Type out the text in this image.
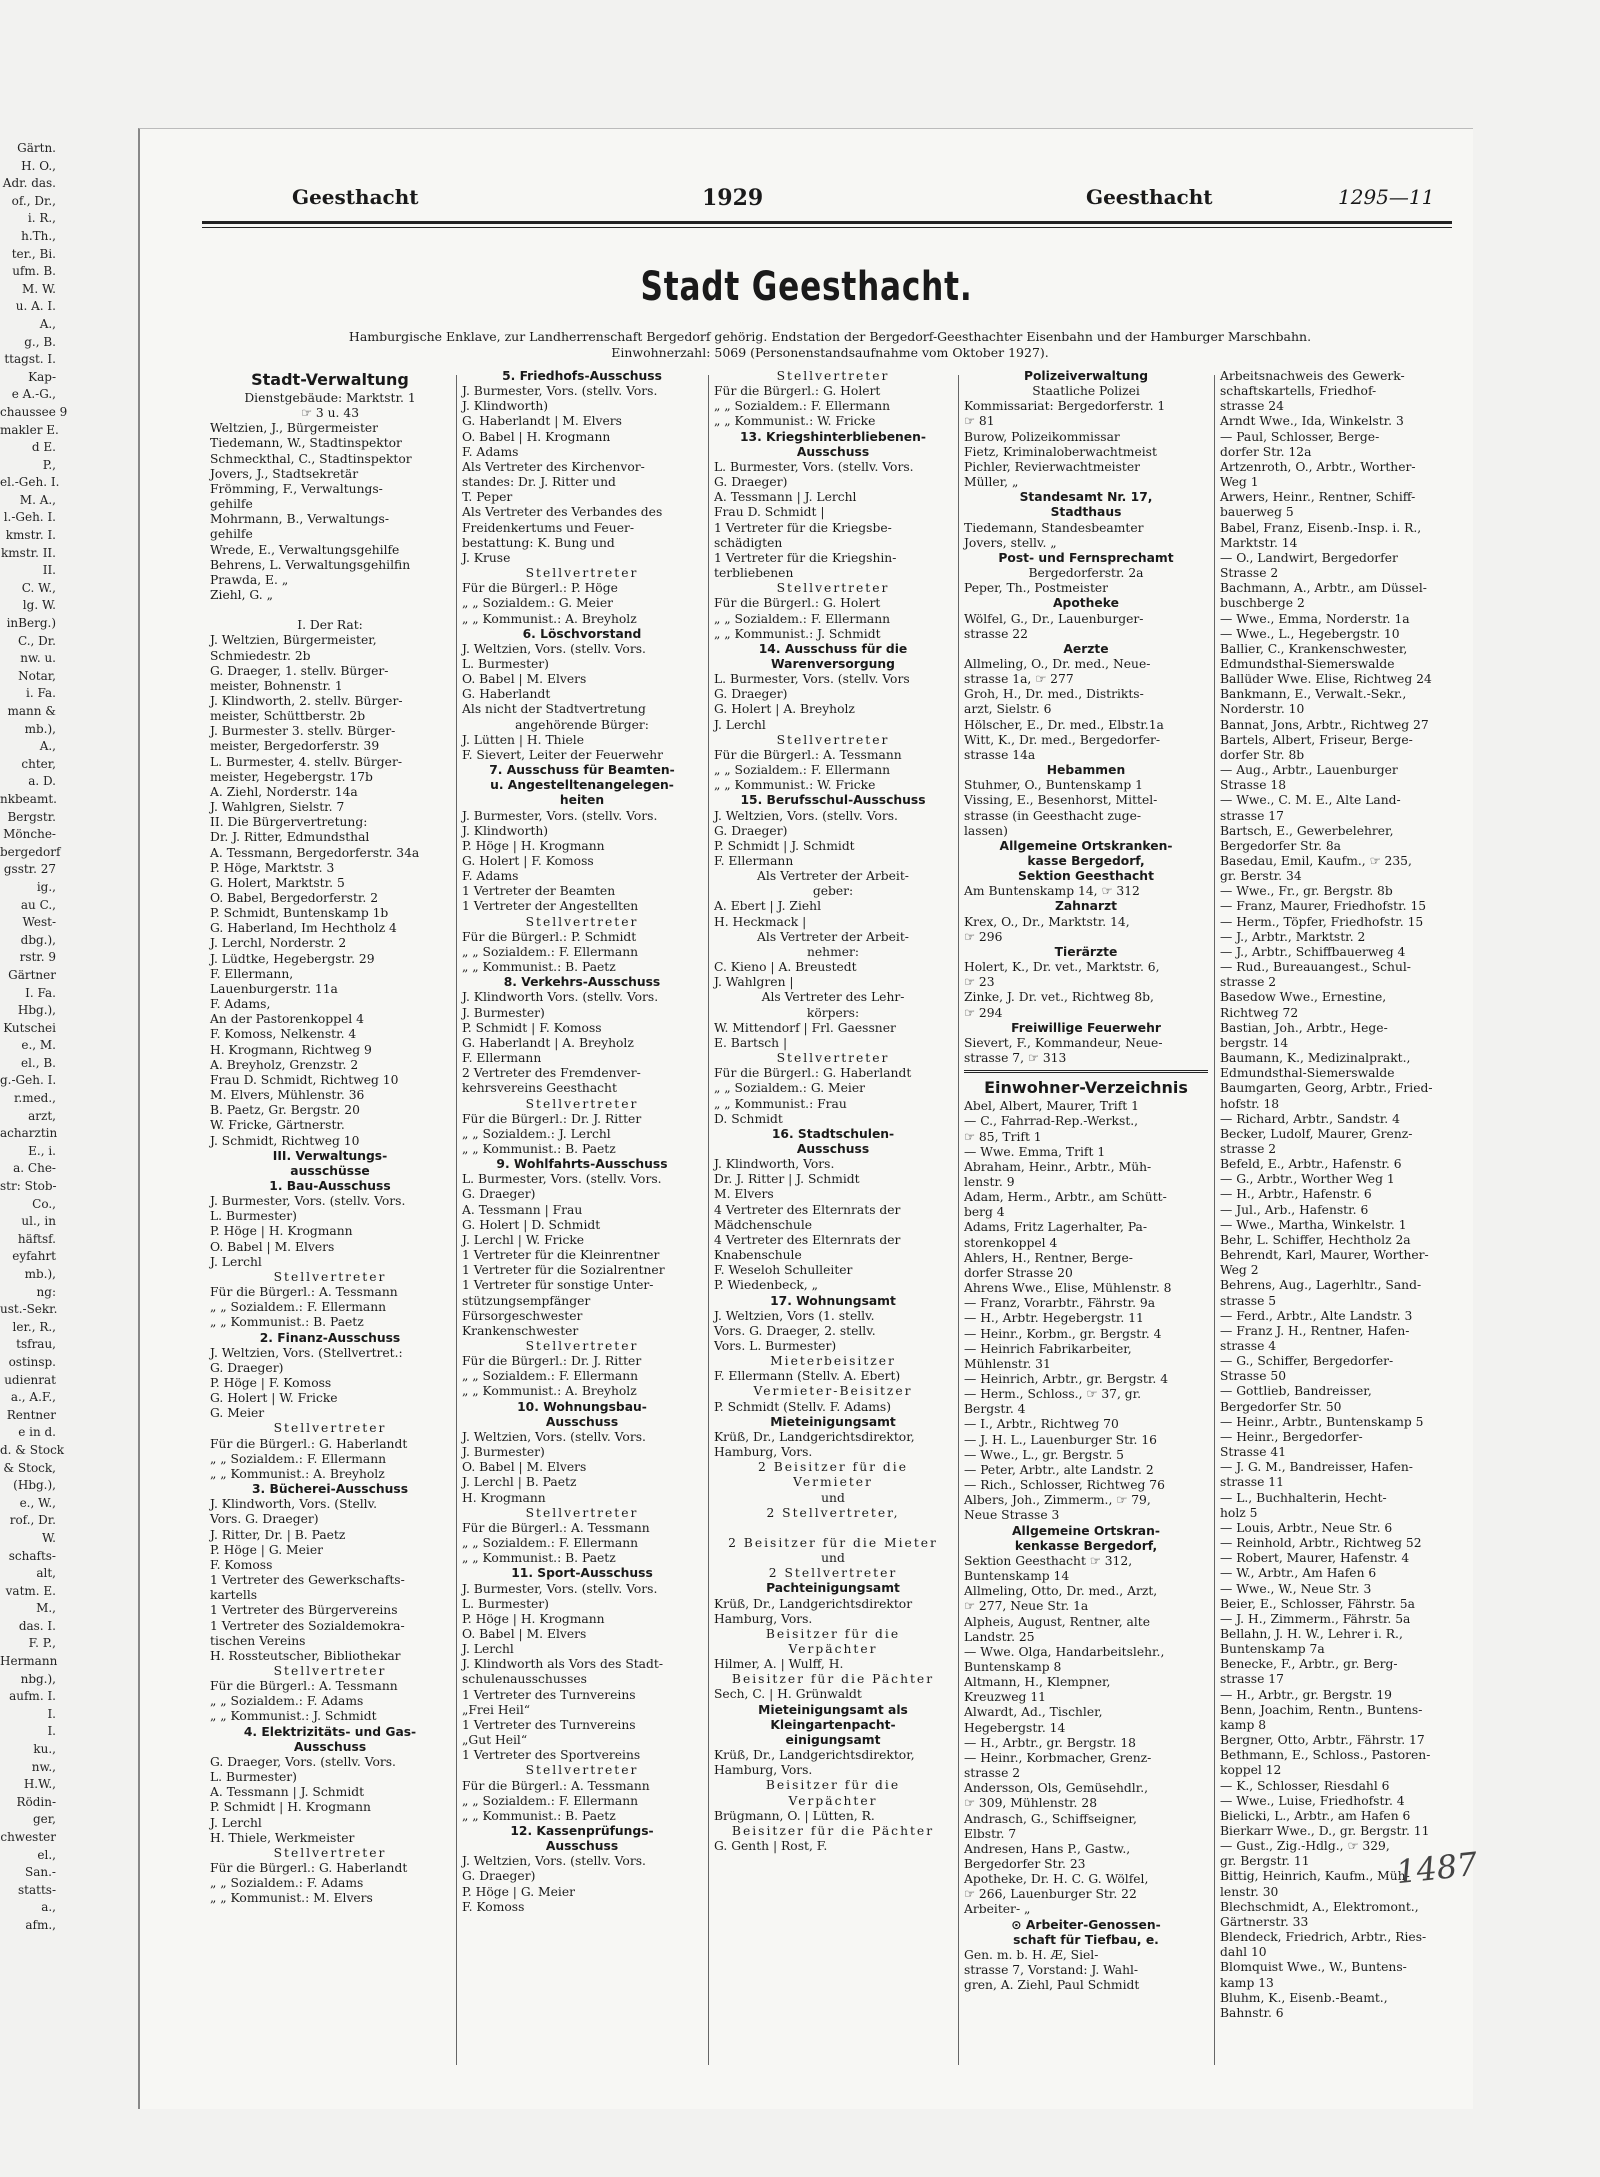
Gärtn.
H. O.,
Adr. das.
of., Dr.,
i. R.,
h.Th.,
ter., Bi.
ufm. B.
M. W.
u. A. I.
A.,
g., B.
ttagst. I.
Kap-
e A.-G.,
chaussee 9
makler E.
d E.
P.,
el.-Geh. I.
M. A.,
l.-Geh. I.
kmstr. I.
kmstr. II.
II.
C. W.,
lg. W.
inBerg.)
C., Dr.
nw. u.
Notar,
i. Fa.
mann &
mb.),
A.,
chter,
a. D.
nkbeamt.
Bergstr.
Mönche-
bergedorf
gsstr. 27
ig.,
au C.,
West-
dbg.),
rstr. 9
Gärtner
I. Fa.
Hbg.),
Kutschei
e., M.
el., B.
g.-Geh. I.
r.med.,
arzt,
acharztin
E., i.
a. Che-
str: Stob-
Co.,
ul., in
häftsf.
eyfahrt
mb.),
ng:
ust.-Sekr.
ler., R.,
tsfrau,
ostinsp.
udienrat
a., A.F.,
Rentner
e in d.
d. & Stock
& Stock,
(Hbg.),
e., W.,
rof., Dr.
W.
schafts-
alt,
vatm. E.
M.,
das. I.
F. P.,
Hermann
nbg.),
aufm. I.
I.
I.
ku.,
nw.,
H.W.,
Rödin-
ger,
chwester
el.,
San.-
statts-
a.,
afm.,
Geesthacht	1929	Geesthacht	1295—11
Stadt Geesthacht.
Hamburgische Enklave, zur Landherrenschaft Bergedorf gehörig. Endstation der Bergedorf-Geesthachter Eisenbahn und der Hamburger Marschbahn.
Einwohnerzahl: 5069 (Personenstandsaufnahme vom Oktober 1927).
Stadt-Verwaltung
Dienstgebäude: Marktstr. 1
☞ 3 u. 43
Weltzien, J., Bürgermeister
Tiedemann, W., Stadtinspektor
Schmeckthal, C., Stadtinspektor
Jovers, J., Stadtsekretär
Frömming, F., Verwaltungs-
gehilfe
Mohrmann, B., Verwaltungs-
gehilfe
Wrede, E., Verwaltungsgehilfe
Behrens, L. Verwaltungsgehilfin
Prawda, E. „
Ziehl, G. „
I. Der Rat:
J. Weltzien, Bürgermeister,
Schmiedestr. 2b
G. Draeger, 1. stellv. Bürger-
meister, Bohnenstr. 1
J. Klindworth, 2. stellv. Bürger-
meister, Schüttberstr. 2b
J. Burmester 3. stellv. Bürger-
meister, Bergedorferstr. 39
L. Burmester, 4. stellv. Bürger-
meister, Hegebergstr. 17b
A. Ziehl, Norderstr. 14a
J. Wahlgren, Sielstr. 7
II. Die Bürgervertretung:
Dr. J. Ritter, Edmundsthal
A. Tessmann, Bergedorferstr. 34a
P. Höge, Marktstr. 3
G. Holert, Marktstr. 5
O. Babel, Bergedorferstr. 2
P. Schmidt, Buntenskamp 1b
G. Haberland, Im Hechtholz 4
J. Lerchl, Norderstr. 2
J. Lüdtke, Hegebergstr. 29
F. Ellermann,
Lauenburgerstr. 11a
F. Adams,
An der Pastorenkoppel 4
F. Komoss, Nelkenstr. 4
H. Krogmann, Richtweg 9
A. Breyholz, Grenzstr. 2
Frau D. Schmidt, Richtweg 10
M. Elvers, Mühlenstr. 36
B. Paetz, Gr. Bergstr. 20
W. Fricke, Gärtnerstr.
J. Schmidt, Richtweg 10
III. Verwaltungs-
ausschüsse
1. Bau-Ausschuss
J. Burmester, Vors. (stellv. Vors.
L. Burmester)
P. Höge | H. Krogmann
O. Babel | M. Elvers
J. Lerchl
Stellvertreter
Für die Bürgerl.: A. Tessmann
„ „ Sozialdem.: F. Ellermann
„ „ Kommunist.: B. Paetz
2. Finanz-Ausschuss
J. Weltzien, Vors. (Stellvertret.:
G. Draeger)
P. Höge | F. Komoss
G. Holert | W. Fricke
G. Meier
Stellvertreter
Für die Bürgerl.: G. Haberlandt
„ „ Sozialdem.: F. Ellermann
„ „ Kommunist.: A. Breyholz
3. Bücherei-Ausschuss
J. Klindworth, Vors. (Stellv.
Vors. G. Draeger)
J. Ritter, Dr. | B. Paetz
P. Höge | G. Meier
F. Komoss
1 Vertreter des Gewerkschafts-
kartells
1 Vertreter des Bürgervereins
1 Vertreter des Sozialdemokra-
tischen Vereins
H. Rossteutscher, Bibliothekar
Stellvertreter
Für die Bürgerl.: A. Tessmann
„ „ Sozialdem.: F. Adams
„ „ Kommunist.: J. Schmidt
4. Elektrizitäts- und Gas-
Ausschuss
G. Draeger, Vors. (stellv. Vors.
L. Burmester)
A. Tessmann | J. Schmidt
P. Schmidt | H. Krogmann
J. Lerchl
H. Thiele, Werkmeister
Stellvertreter
Für die Bürgerl.: G. Haberlandt
„ „ Sozialdem.: F. Adams
„ „ Kommunist.: M. Elvers
5. Friedhofs-Ausschuss
J. Burmester, Vors. (stellv. Vors.
J. Klindworth)
G. Haberlandt | M. Elvers
O. Babel | H. Krogmann
F. Adams
Als Vertreter des Kirchenvor-
standes: Dr. J. Ritter und
T. Peper
Als Vertreter des Verbandes des
Freidenkertums und Feuer-
bestattung: K. Bung und
J. Kruse
Stellvertreter
Für die Bürgerl.: P. Höge
„ „ Sozialdem.: G. Meier
„ „ Kommunist.: A. Breyholz
6. Löschvorstand
J. Weltzien, Vors. (stellv. Vors.
L. Burmester)
O. Babel | M. Elvers
G. Haberlandt
Als nicht der Stadtvertretung
angehörende Bürger:
J. Lütten | H. Thiele
F. Sievert, Leiter der Feuerwehr
7. Ausschuss für Beamten-
u. Angestelltenangelegen-
heiten
J. Burmester, Vors. (stellv. Vors.
J. Klindworth)
P. Höge | H. Krogmann
G. Holert | F. Komoss
F. Adams
1 Vertreter der Beamten
1 Vertreter der Angestellten
Stellvertreter
Für die Bürgerl.: P. Schmidt
„ „ Sozialdem.: F. Ellermann
„ „ Kommunist.: B. Paetz
8. Verkehrs-Ausschuss
J. Klindworth Vors. (stellv. Vors.
J. Burmester)
P. Schmidt | F. Komoss
G. Haberlandt | A. Breyholz
F. Ellermann
2 Vertreter des Fremdenver-
kehrsvereins Geesthacht
Stellvertreter
Für die Bürgerl.: Dr. J. Ritter
„ „ Sozialdem.: J. Lerchl
„ „ Kommunist.: B. Paetz
9. Wohlfahrts-Ausschuss
L. Burmester, Vors. (stellv. Vors.
G. Draeger)
A. Tessmann | Frau
G. Holert | D. Schmidt
J. Lerchl | W. Fricke
1 Vertreter für die Kleinrentner
1 Vertreter für die Sozialrentner
1 Vertreter für sonstige Unter-
stützungsempfänger
Fürsorgeschwester
Krankenschwester
Stellvertreter
Für die Bürgerl.: Dr. J. Ritter
„ „ Sozialdem.: F. Ellermann
„ „ Kommunist.: A. Breyholz
10. Wohnungsbau-
Ausschuss
J. Weltzien, Vors. (stellv. Vors.
J. Burmester)
O. Babel | M. Elvers
J. Lerchl | B. Paetz
H. Krogmann
Stellvertreter
Für die Bürgerl.: A. Tessmann
„ „ Sozialdem.: F. Ellermann
„ „ Kommunist.: B. Paetz
11. Sport-Ausschuss
J. Burmester, Vors. (stellv. Vors.
L. Burmester)
P. Höge | H. Krogmann
O. Babel | M. Elvers
J. Lerchl
J. Klindworth als Vors des Stadt-
schulenausschusses
1 Vertreter des Turnvereins
„Frei Heil“
1 Vertreter des Turnvereins
„Gut Heil“
1 Vertreter des Sportvereins
Stellvertreter
Für die Bürgerl.: A. Tessmann
„ „ Sozialdem.: F. Ellermann
„ „ Kommunist.: B. Paetz
12. Kassenprüfungs-
Ausschuss
J. Weltzien, Vors. (stellv. Vors.
G. Draeger)
P. Höge | G. Meier
F. Komoss
Stellvertreter
Für die Bürgerl.: G. Holert
„ „ Sozialdem.: F. Ellermann
„ „ Kommunist.: W. Fricke
13. Kriegshinterbliebenen-
Ausschuss
L. Burmester, Vors. (stellv. Vors.
G. Draeger)
A. Tessmann | J. Lerchl
Frau D. Schmidt |
1 Vertreter für die Kriegsbe-
schädigten
1 Vertreter für die Kriegshin-
terbliebenen
Stellvertreter
Für die Bürgerl.: G. Holert
„ „ Sozialdem.: F. Ellermann
„ „ Kommunist.: J. Schmidt
14. Ausschuss für die
Warenversorgung
L. Burmester, Vors. (stellv. Vors
G. Draeger)
G. Holert | A. Breyholz
J. Lerchl
Stellvertreter
Für die Bürgerl.: A. Tessmann
„ „ Sozialdem.: F. Ellermann
„ „ Kommunist.: W. Fricke
15. Berufsschul-Ausschuss
J. Weltzien, Vors. (stellv. Vors.
G. Draeger)
P. Schmidt | J. Schmidt
F. Ellermann
Als Vertreter der Arbeit-
geber:
A. Ebert | J. Ziehl
H. Heckmack |
Als Vertreter der Arbeit-
nehmer:
C. Kieno | A. Breustedt
J. Wahlgren |
Als Vertreter des Lehr-
körpers:
W. Mittendorf | Frl. Gaessner
E. Bartsch |
Stellvertreter
Für die Bürgerl.: G. Haberlandt
„ „ Sozialdem.: G. Meier
„ „ Kommunist.: Frau
D. Schmidt
16. Stadtschulen-
Ausschuss
J. Klindworth, Vors.
Dr. J. Ritter | J. Schmidt
M. Elvers
4 Vertreter des Elternrats der
Mädchenschule
4 Vertreter des Elternrats der
Knabenschule
F. Weseloh Schulleiter
P. Wiedenbeck, „
17. Wohnungsamt
J. Weltzien, Vors (1. stellv.
Vors. G. Draeger, 2. stellv.
Vors. L. Burmester)
Mieterbeisitzer
F. Ellermann (Stellv. A. Ebert)
Vermieter-Beisitzer
P. Schmidt (Stellv. F. Adams)
Mieteinigungsamt
Krüß, Dr., Landgerichtsdirektor,
Hamburg, Vors.
2 Beisitzer für die
Vermieter
und
2 Stellvertreter,
2 Beisitzer für die Mieter
und
2 Stellvertreter
Pachteinigungsamt
Krüß, Dr., Landgerichtsdirektor
Hamburg, Vors.
Beisitzer für die
Verpächter
Hilmer, A. | Wulff, H.
Beisitzer für die Pächter
Sech, C. | H. Grünwaldt
Mieteinigungsamt als
Kleingartenpacht-
einigungsamt
Krüß, Dr., Landgerichtsdirektor,
Hamburg, Vors.
Beisitzer für die
Verpächter
Brügmann, O. | Lütten, R.
Beisitzer für die Pächter
G. Genth | Rost, F.
Polizeiverwaltung
Staatliche Polizei
Kommissariat: Bergedorferstr. 1
☞ 81
Burow, Polizeikommissar
Fietz, Kriminaloberwachtmeist
Pichler, Revierwachtmeister
Müller, „
Standesamt Nr. 17,
Stadthaus
Tiedemann, Standesbeamter
Jovers, stellv. „
Post- und Fernsprechamt
Bergedorferstr. 2a
Peper, Th., Postmeister
Apotheke
Wölfel, G., Dr., Lauenburger-
strasse 22
Aerzte
Allmeling, O., Dr. med., Neue-
strasse 1a, ☞ 277
Groh, H., Dr. med., Distrikts-
arzt, Sielstr. 6
Hölscher, E., Dr. med., Elbstr.1a
Witt, K., Dr. med., Bergedorfer-
strasse 14a
Hebammen
Stuhmer, O., Buntenskamp 1
Vissing, E., Besenhorst, Mittel-
strasse (in Geesthacht zuge-
lassen)
Allgemeine Ortskranken-
kasse Bergedorf,
Sektion Geesthacht
Am Buntenskamp 14, ☞ 312
Zahnarzt
Krex, O., Dr., Marktstr. 14,
☞ 296
Tierärzte
Holert, K., Dr. vet., Marktstr. 6,
☞ 23
Zinke, J. Dr. vet., Richtweg 8b,
☞ 294
Freiwillige Feuerwehr
Sievert, F., Kommandeur, Neue-
strasse 7, ☞ 313
Einwohner-Verzeichnis
Abel, Albert, Maurer, Trift 1
— C., Fahrrad-Rep.-Werkst.,
☞ 85, Trift 1
— Wwe. Emma, Trift 1
Abraham, Heinr., Arbtr., Müh-
lenstr. 9
Adam, Herm., Arbtr., am Schütt-
berg 4
Adams, Fritz Lagerhalter, Pa-
storenkoppel 4
Ahlers, H., Rentner, Berge-
dorfer Strasse 20
Ahrens Wwe., Elise, Mühlenstr. 8
— Franz, Vorarbtr., Fährstr. 9a
— H., Arbtr. Hegebergstr. 11
— Heinr., Korbm., gr. Bergstr. 4
— Heinrich Fabrikarbeiter,
Mühlenstr. 31
— Heinrich, Arbtr., gr. Bergstr. 4
— Herm., Schloss., ☞ 37, gr.
Bergstr. 4
— I., Arbtr., Richtweg 70
— J. H. L., Lauenburger Str. 16
— Wwe., L., gr. Bergstr. 5
— Peter, Arbtr., alte Landstr. 2
— Rich., Schlosser, Richtweg 76
Albers, Joh., Zimmerm., ☞ 79,
Neue Strasse 3
Allgemeine Ortskran-
kenkasse Bergedorf,
Sektion Geesthacht ☞ 312,
Buntenskamp 14
Allmeling, Otto, Dr. med., Arzt,
☞ 277, Neue Str. 1a
Alpheis, August, Rentner, alte
Landstr. 25
— Wwe. Olga, Handarbeitslehr.,
Buntenskamp 8
Altmann, H., Klempner,
Kreuzweg 11
Alwardt, Ad., Tischler,
Hegebergstr. 14
— H., Arbtr., gr. Bergstr. 18
— Heinr., Korbmacher, Grenz-
strasse 2
Andersson, Ols, Gemüsehdlr.,
☞ 309, Mühlenstr. 28
Andrasch, G., Schiffseigner,
Elbstr. 7
Andresen, Hans P., Gastw.,
Bergedorfer Str. 23
Apotheke, Dr. H. C. G. Wölfel,
☞ 266, Lauenburger Str. 22
Arbeiter- „
⊙ Arbeiter-Genossen-
schaft für Tiefbau, e.
Gen. m. b. H. Æ, Siel-
strasse 7, Vorstand: J. Wahl-
gren, A. Ziehl, Paul Schmidt
Arbeitsnachweis des Gewerk-
schaftskartells, Friedhof-
strasse 24
Arndt Wwe., Ida, Winkelstr. 3
— Paul, Schlosser, Berge-
dorfer Str. 12a
Artzenroth, O., Arbtr., Worther-
Weg 1
Arwers, Heinr., Rentner, Schiff-
bauerweg 5
Babel, Franz, Eisenb.-Insp. i. R.,
Marktstr. 14
— O., Landwirt, Bergedorfer
Strasse 2
Bachmann, A., Arbtr., am Düssel-
buschberge 2
— Wwe., Emma, Norderstr. 1a
— Wwe., L., Hegebergstr. 10
Ballier, C., Krankenschwester,
Edmundsthal-Siemerswalde
Ballüder Wwe. Elise, Richtweg 24
Bankmann, E., Verwalt.-Sekr.,
Norderstr. 10
Bannat, Jons, Arbtr., Richtweg 27
Bartels, Albert, Friseur, Berge-
dorfer Str. 8b
— Aug., Arbtr., Lauenburger
Strasse 18
— Wwe., C. M. E., Alte Land-
strasse 17
Bartsch, E., Gewerbelehrer,
Bergedorfer Str. 8a
Basedau, Emil, Kaufm., ☞ 235,
gr. Berstr. 34
— Wwe., Fr., gr. Bergstr. 8b
— Franz, Maurer, Friedhofstr. 15
— Herm., Töpfer, Friedhofstr. 15
— J., Arbtr., Marktstr. 2
— J., Arbtr., Schiffbauerweg 4
— Rud., Bureauangest., Schul-
strasse 2
Basedow Wwe., Ernestine,
Richtweg 72
Bastian, Joh., Arbtr., Hege-
bergstr. 14
Baumann, K., Medizinalprakt.,
Edmundsthal-Siemerswalde
Baumgarten, Georg, Arbtr., Fried-
hofstr. 18
— Richard, Arbtr., Sandstr. 4
Becker, Ludolf, Maurer, Grenz-
strasse 2
Befeld, E., Arbtr., Hafenstr. 6
— G., Arbtr., Worther Weg 1
— H., Arbtr., Hafenstr. 6
— Jul., Arb., Hafenstr. 6
— Wwe., Martha, Winkelstr. 1
Behr, L. Schiffer, Hechtholz 2a
Behrendt, Karl, Maurer, Worther-
Weg 2
Behrens, Aug., Lagerhltr., Sand-
strasse 5
— Ferd., Arbtr., Alte Landstr. 3
— Franz J. H., Rentner, Hafen-
strasse 4
— G., Schiffer, Bergedorfer-
Strasse 50
— Gottlieb, Bandreisser,
Bergedorfer Str. 50
— Heinr., Arbtr., Buntenskamp 5
— Heinr., Bergedorfer-
Strasse 41
— J. G. M., Bandreisser, Hafen-
strasse 11
— L., Buchhalterin, Hecht-
holz 5
— Louis, Arbtr., Neue Str. 6
— Reinhold, Arbtr., Richtweg 52
— Robert, Maurer, Hafenstr. 4
— W., Arbtr., Am Hafen 6
— Wwe., W., Neue Str. 3
Beier, E., Schlosser, Fährstr. 5a
— J. H., Zimmerm., Fährstr. 5a
Bellahn, J. H. W., Lehrer i. R.,
Buntenskamp 7a
Benecke, F., Arbtr., gr. Berg-
strasse 17
— H., Arbtr., gr. Bergstr. 19
Benn, Joachim, Rentn., Buntens-
kamp 8
Bergner, Otto, Arbtr., Fährstr. 17
Bethmann, E., Schloss., Pastoren-
koppel 12
— K., Schlosser, Riesdahl 6
— Wwe., Luise, Friedhofstr. 4
Bielicki, L., Arbtr., am Hafen 6
Bierkarr Wwe., D., gr. Bergstr. 11
— Gust., Zig.-Hdlg., ☞ 329,
gr. Bergstr. 11
Bittig, Heinrich, Kaufm., Müh-
lenstr. 30
Blechschmidt, A., Elektromont.,
Gärtnerstr. 33
Blendeck, Friedrich, Arbtr., Ries-
dahl 10
Blomquist Wwe., W., Buntens-
kamp 13
Bluhm, K., Eisenb.-Beamt.,
Bahnstr. 6
1487
